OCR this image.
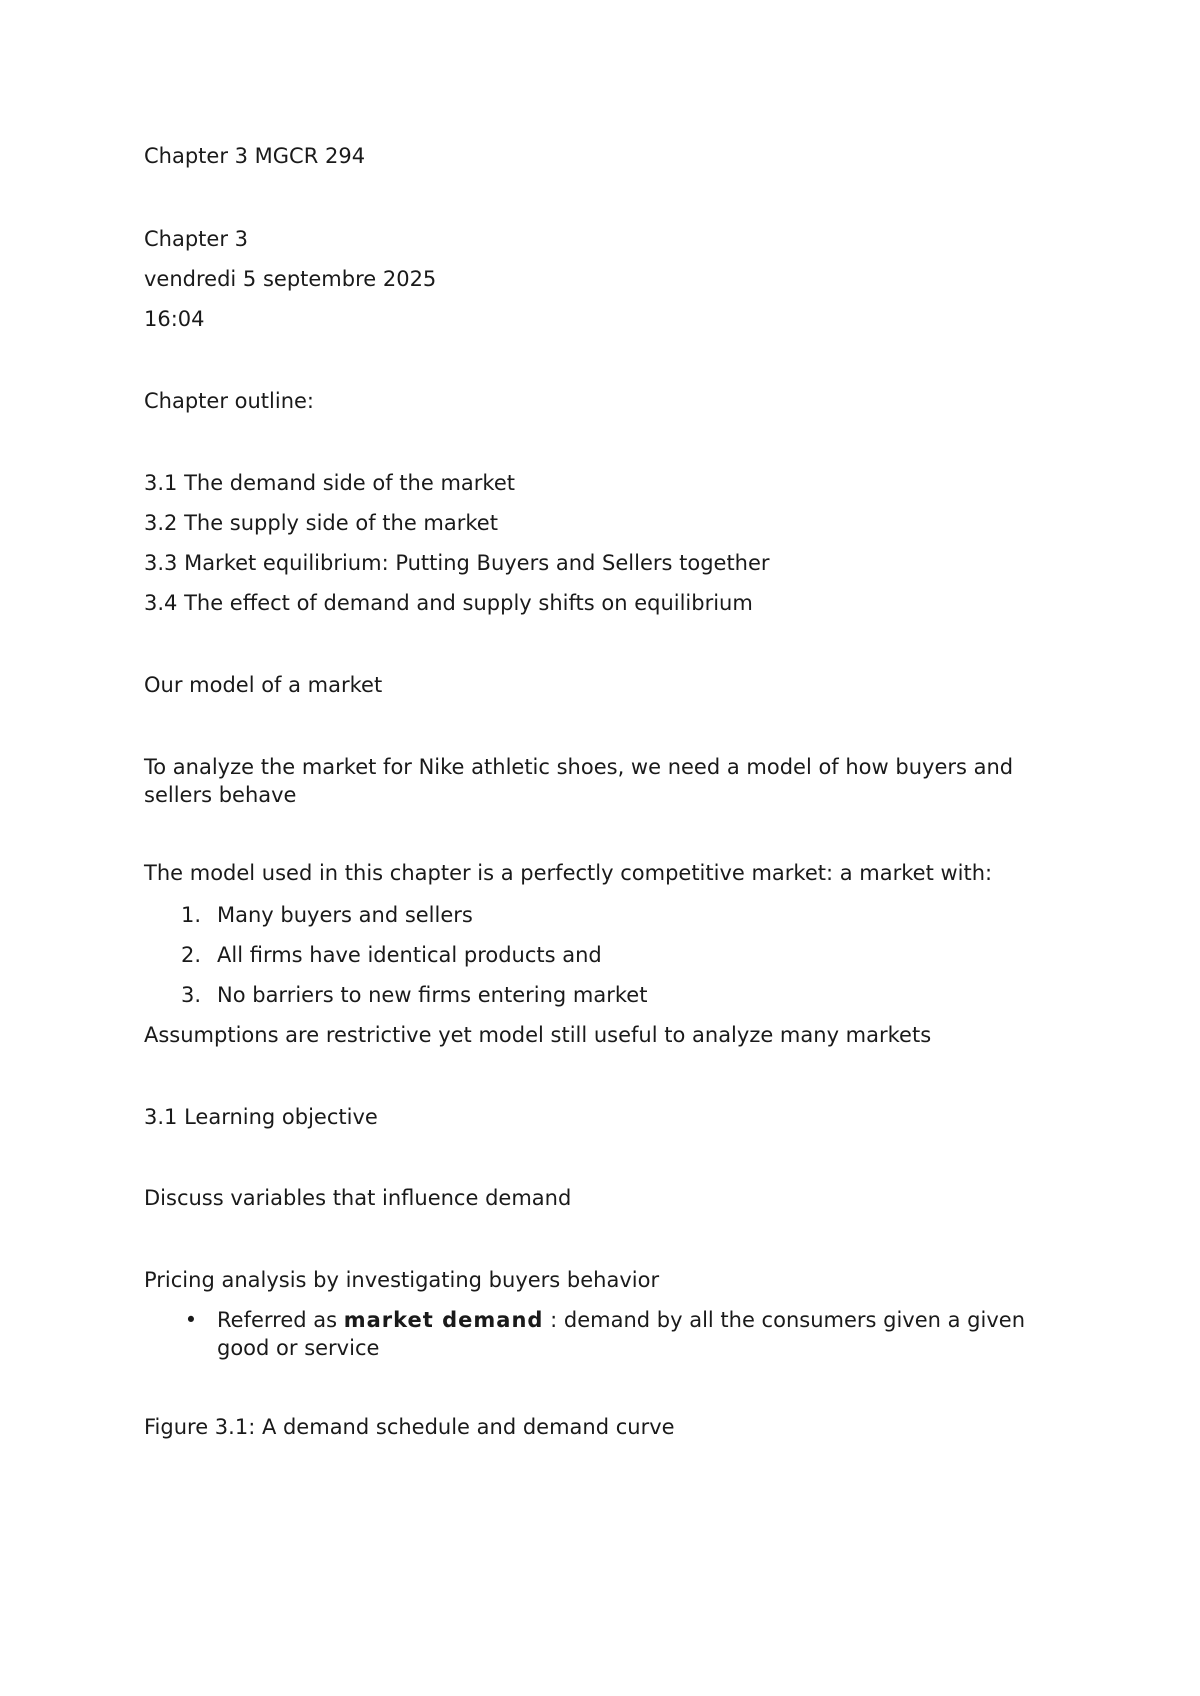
Chapter 3 MGCR 294
Chapter 3
vendredi 5 septembre 2025
16:04
Chapter outline:
3.1 The demand side of the market
3.2 The supply side of the market
3.3 Market equilibrium: Putting Buyers and Sellers together
3.4 The effect of demand and supply shifts on equilibrium
Our model of a market
To analyze the market for Nike athletic shoes, we need a model of how buyers and sellers behave
The model used in this chapter is a perfectly competitive market: a market with:
1. Many buyers and sellers
2. All firms have identical products and
3. No barriers to new firms entering market
Assumptions are restrictive yet model still useful to analyze many markets
3.1 Learning objective
Discuss variables that influence demand
Pricing analysis by investigating buyers behavior
• Referred as market demand : demand by all the consumers given a given good or service
Figure 3.1: A demand schedule and demand curve
